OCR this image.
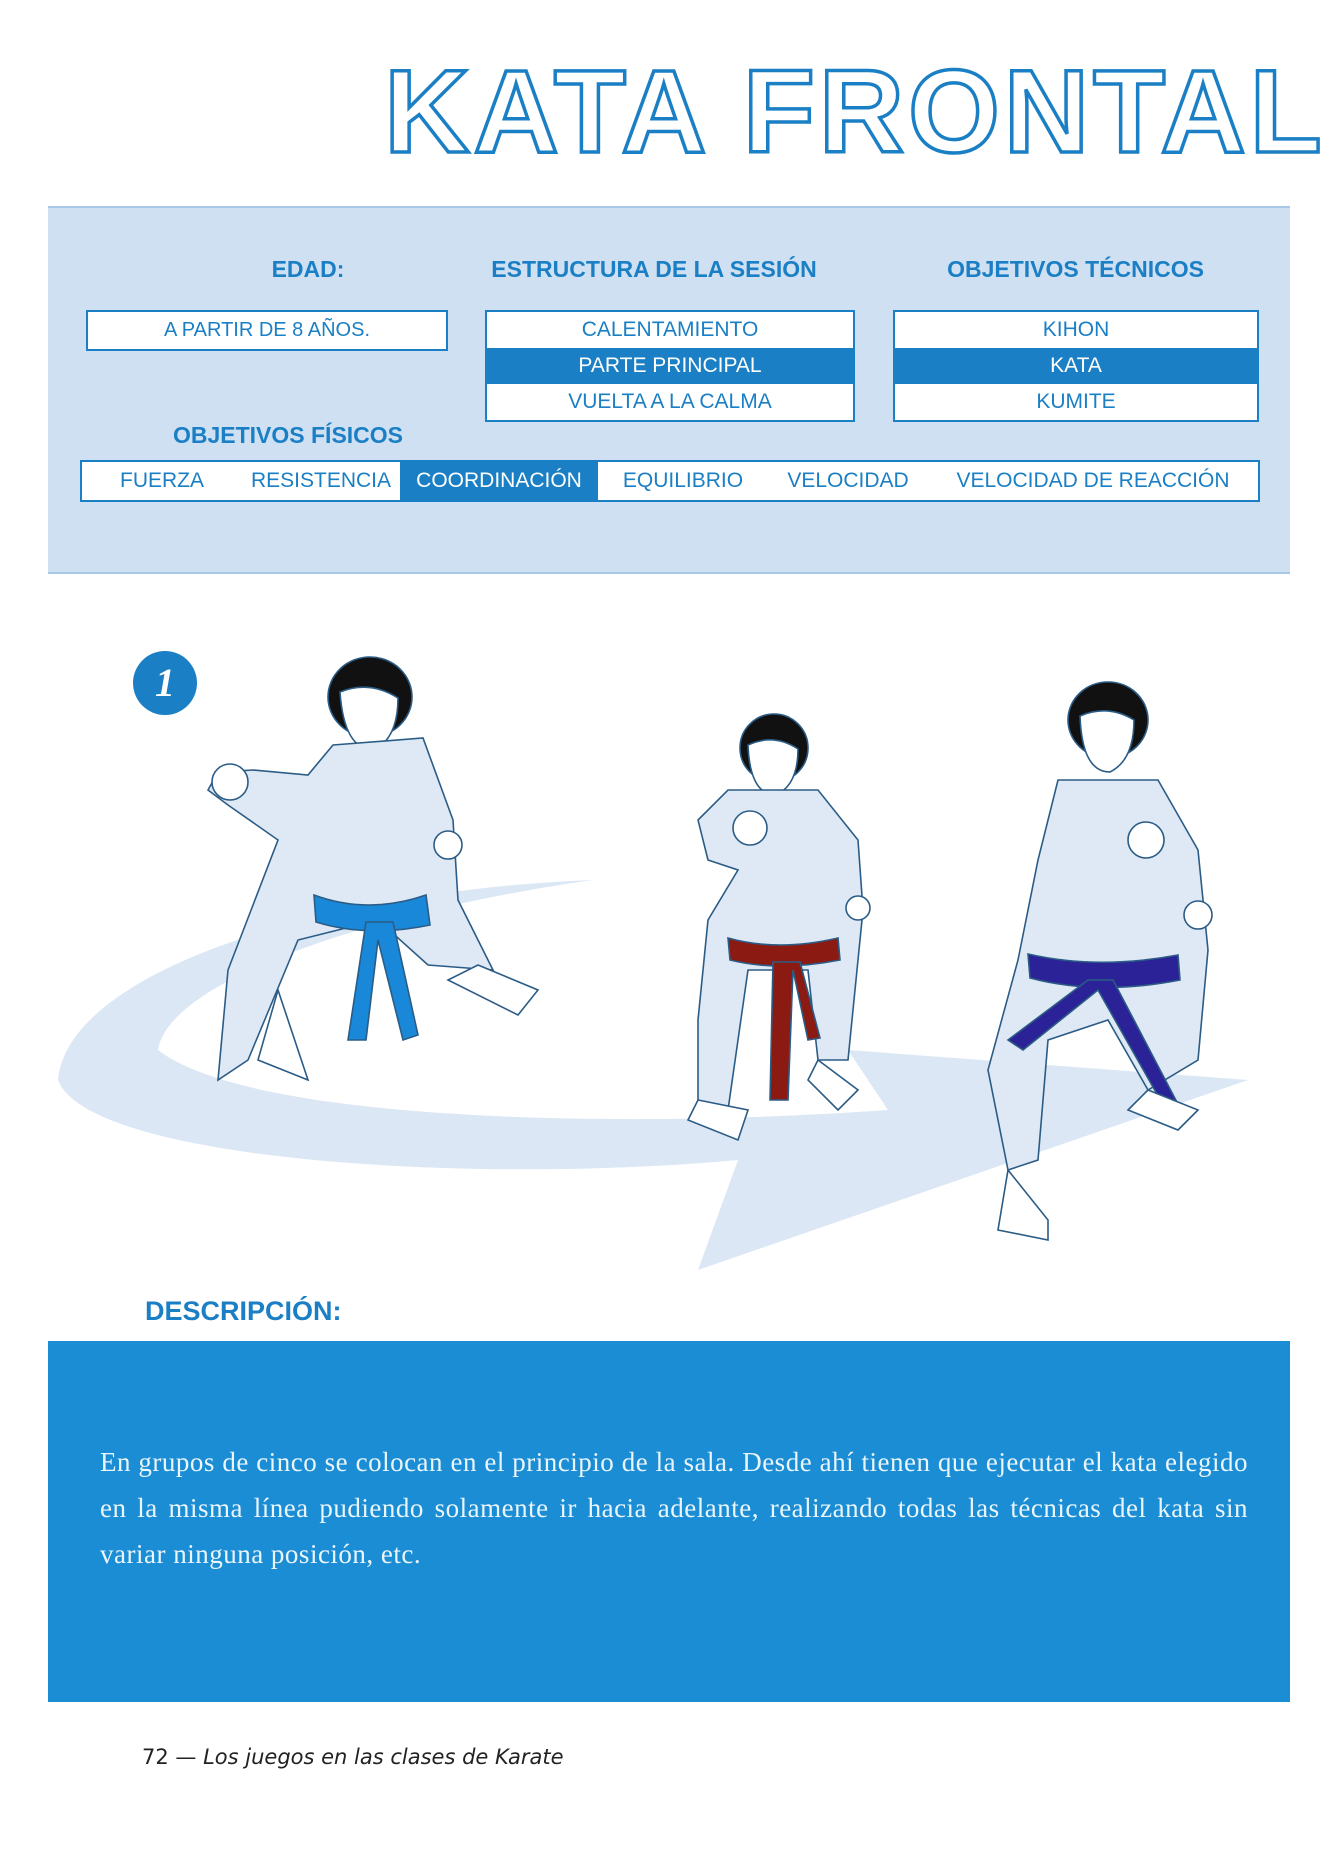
KATA FRONTAL
EDAD:
A PARTIR DE 8 AÑOS.
ESTRUCTURA DE LA SESIÓN
CALENTAMIENTO
PARTE PRINCIPAL
VUELTA A LA CALMA
OBJETIVOS TÉCNICOS
KIHON
KATA
KUMITE
OBJETIVOS FÍSICOS
FUERZA	RESISTENCIA	COORDINACIÓN	EQUILIBRIO	VELOCIDAD	VELOCIDAD DE REACCIÓN
1
DESCRIPCIÓN:
En grupos de cinco se colocan en el principio de la sala. Desde ahí tienen que ejecutar el kata elegido en la misma línea pudiendo solamente ir hacia adelante, realizando todas las técnicas del kata sin variar ninguna posición, etc.
72 — Los juegos en las clases de Karate
